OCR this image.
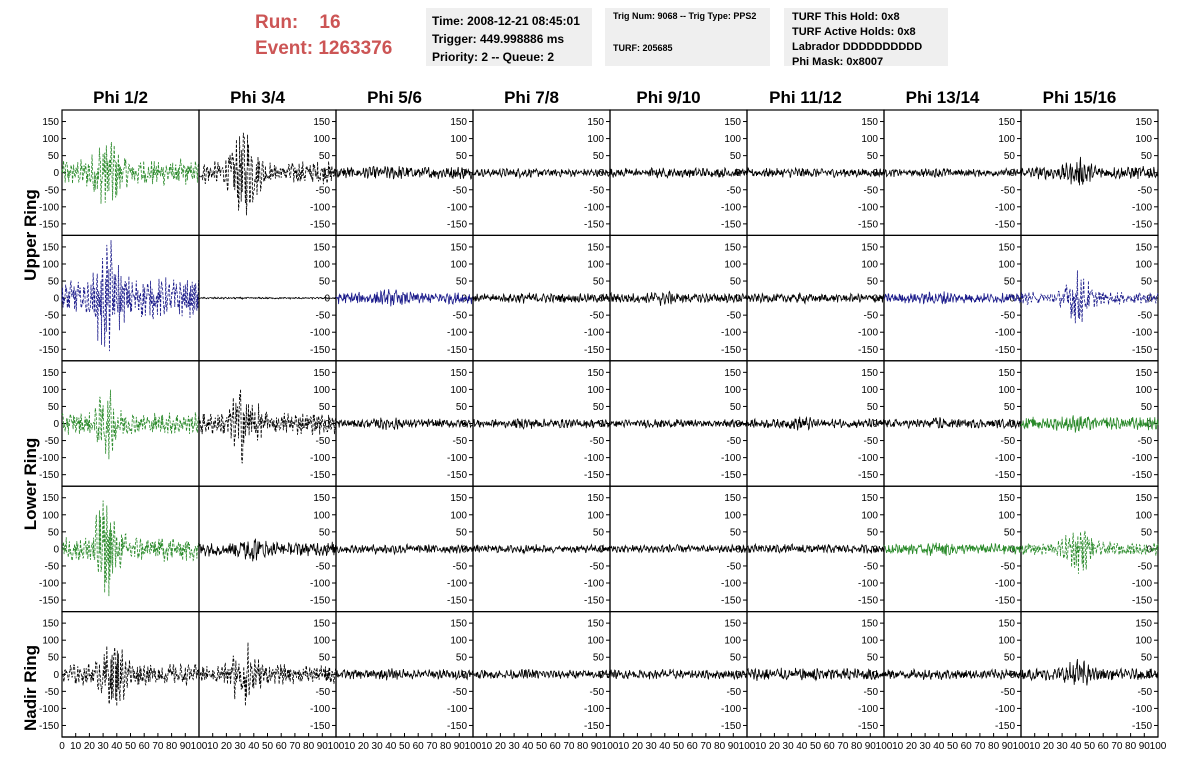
Run:    16
Event: 1263376
Time: 2008-12-21 08:45:01
Trigger: 449.998886 ms
Priority: 2 -- Queue: 2
Trig Num: 9068 -- Trig Type: PPS2
TURF: 205685
TURF This Hold: 0x8
TURF Active Holds: 0x8
Labrador DDDDDDDDDD
Phi Mask: 0x8007
Phi 1/2	Phi 3/4	Phi 5/6	Phi 7/8	Phi 9/10	Phi 11/12	Phi 13/14	Phi 15/16
Upper Ring
Lower Ring
Nadir Ring
150
100
50
0
-50
-100
-150
150
100
50
0
-50
-100
-150
150
100
50
0
-50
-100
-150
150
100
50
0
-50
-100
-150
150
100
50
0
-50
-100
-150
150
100
50
0
-50
-100
-150
150
100
50
0
-50
-100
-150
150
100
50
0
-50
-100
-150
150
100
50
0
-50
-100
-150
150
100
50
0
-50
-100
-150
150
100
50
0
-50
-100
-150
150
100
50
0
-50
-100
-150
150
100
50
0
-50
-100
-150
150
100
50
0
-50
-100
-150
150
100
50
0
-50
-100
-150
150
100
50
0
-50
-100
-150
150
100
50
0
-50
-100
-150
150
100
50
0
-50
-100
-150
150
100
50
0
-50
-100
-150
150
100
50
0
-50
-100
-150
150
100
50
0
-50
-100
-150
150
100
50
0
-50
-100
-150
150
100
50
0
-50
-100
-150
150
100
50
0
-50
-100
-150
150
100
50
0
-50
-100
-150
150
100
50
0
-50
-100
-150
150
100
50
0
-50
-100
-150
150
100
50
0
-50
-100
-150
150
100
50
0
-50
-100
-150
150
100
50
0
-50
-100
-150
150
100
50
0
-50
-100
-150
150
100
50
0
-50
-100
-150
150
100
50
0
-50
-100
-150
150
100
50
0
-50
-100
-150
150
100
50
0
-50
-100
-150
150
100
50
0
-50
-100
-150
150
100
50
0
-50
-100
-150
150
100
50
0
-50
-100
-150
150
100
50
0
-50
-100
-150
150
100
50
0
-50
-100
-150
0 10 20 30 40 50 60 70 80 90 100 10 20 30 40 50 60 70 80 90 100 10 20 30 40 50 60 70 80 90 100 10 20 30 40 50 60 70 80 90 100 10 20 30 40 50 60 70 80 90 100 10 20 30 40 50 60 70 80 90 100 10 20 30 40 50 60 70 80 90 100 10 20 30 40 50 60 70 80 90 100
